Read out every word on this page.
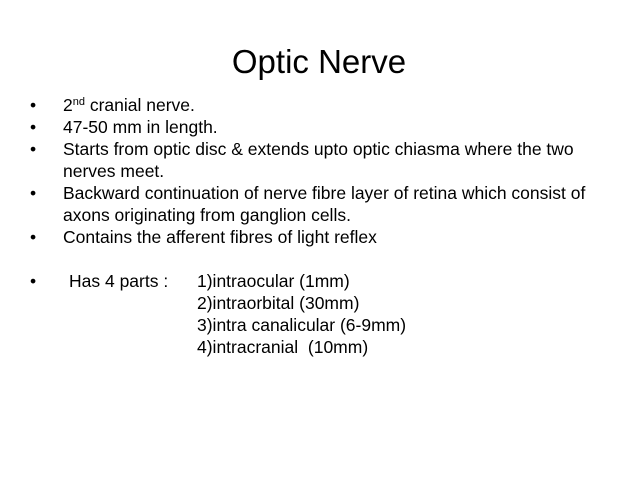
Optic Nerve
•	2nd cranial nerve.
•	47-50 mm in length.
•	Starts from optic disc & extends upto optic chiasma where the two nerves meet.
•	Backward continuation of nerve fibre layer of retina which consist of axons originating from ganglion cells.
•	Contains the afferent fibres of light reflex
•	Has 4 parts :	1)intraocular (1mm)
2)intraorbital (30mm)
3)intra canalicular (6-9mm)
4)intracranial  (10mm)
